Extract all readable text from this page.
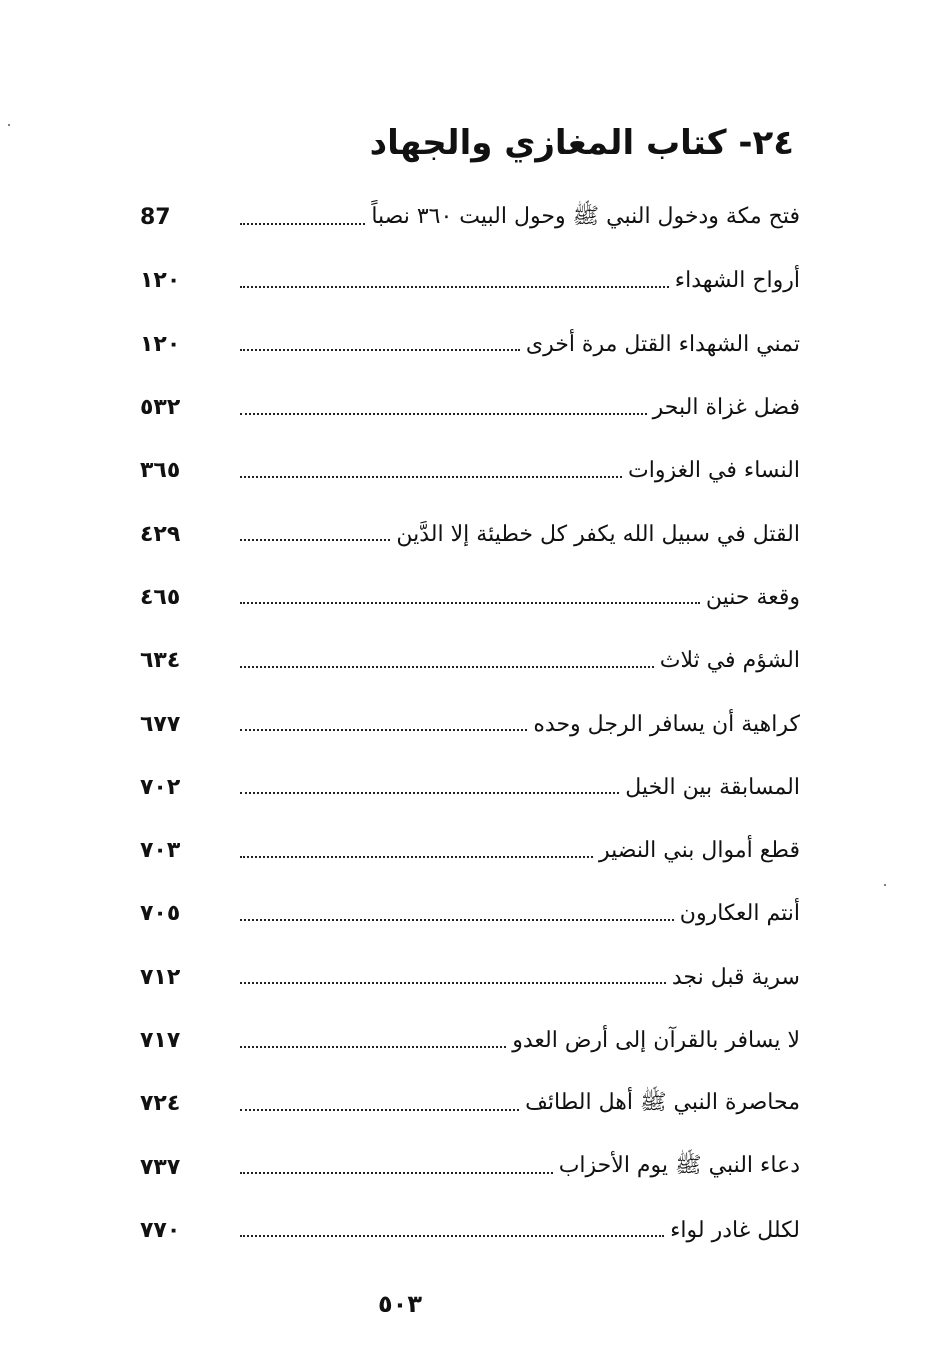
٢٤- كتاب المغازي والجهاد
فتح مكة ودخول النبي ﷺ وحول البيت ٣٦٠ نصباً
87
أرواح الشهداء
١٢٠
تمني الشهداء القتل مرة أخرى
١٢٠
فضل غزاة البحر
٥٣٢
النساء في الغزوات
٣٦٥
القتل في سبيل الله يكفر كل خطيئة إلا الدَّين
٤٢٩
وقعة حنين
٤٦٥
الشؤم في ثلاث
٦٣٤
كراهية أن يسافر الرجل وحده
٦٧٧
المسابقة بين الخيل
٧٠٢
قطع أموال بني النضير
٧٠٣
أنتم العكارون
٧٠٥
سرية قبل نجد
٧١٢
لا يسافر بالقرآن إلى أرض العدو
٧١٧
محاصرة النبي ﷺ أهل الطائف
٧٢٤
دعاء النبي ﷺ يوم الأحزاب
٧٣٧
لكلل غادر لواء
٧٧٠
٥٠٣
